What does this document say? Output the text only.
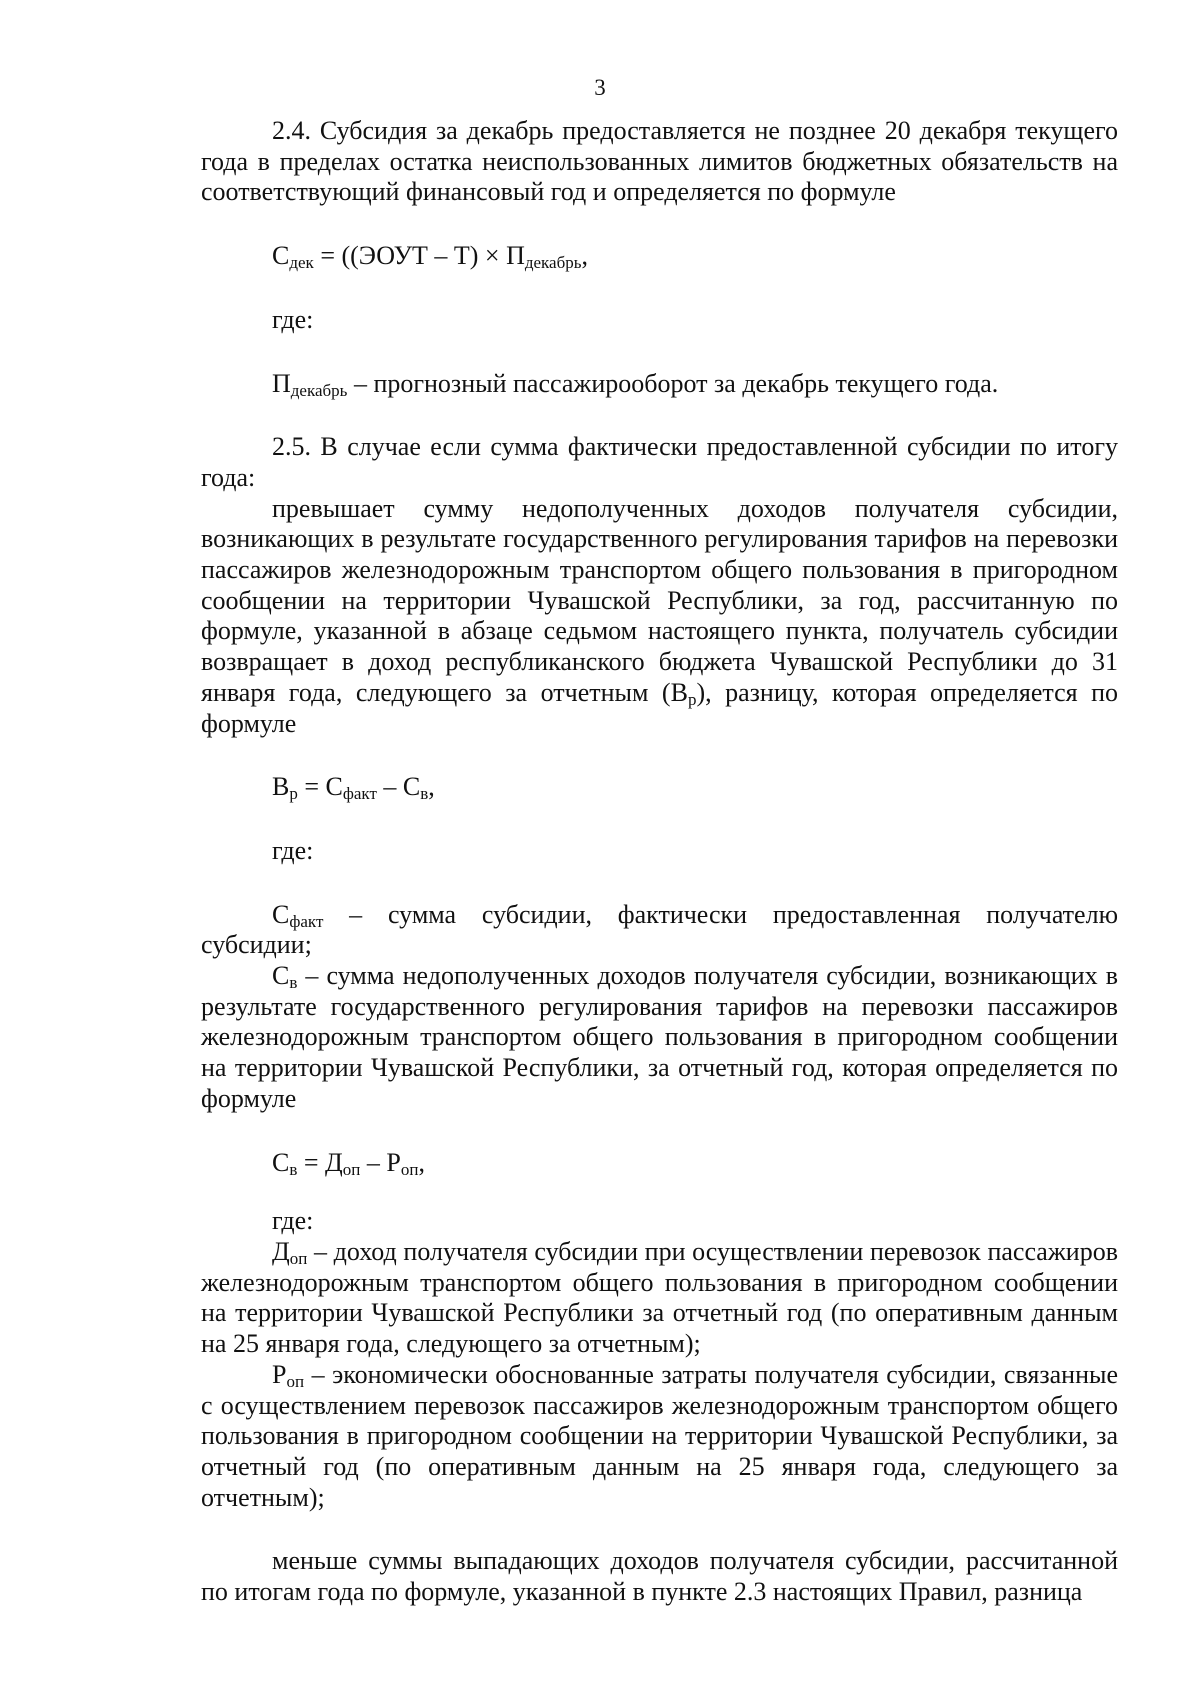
3

2.4. Субсидия за декабрь предоставляется не позднее 20 декабря текущего года в пределах остатка неиспользованных лимитов бюджетных обязательств на соответствующий финансовый год и определяется по формуле

$С_{дек}$ = ((ЭОУТ – $Т) \times П_{декабрь}$,

где:

$П_{декабрь}$ – прогнозный пассажирооборот за декабрь текущего года.

2.5. В случае если сумма фактически предоставленной субсидии по итогу года:

превышает сумму недополученных доходов получателя субсидии, возникающих в результате государственного регулирования тарифов на перевозки пассажиров железнодорожным транспортом общего пользования в пригородном сообщении на территории Чувашской Республики, за год, рассчитанную по формуле, указанной в абзаце седьмом настоящего пункта, получатель субсидии возвращает в доход республиканского бюджета Чувашской Республики до 31 января года, следующего за отчетным $(В_р)$, разницу, которая определяется по формуле

$В_р = С_{факт} - С_в$,

где:

$С_{факт}$ – сумма субсидии, фактически предоставленная получателю субсидии;

$С_в$ – сумма недополученных доходов получателя субсидии, возникающих в результате государственного регулирования тарифов на перевозки пассажиров железнодорожным транспортом общего пользования в пригородном сообщении на территории Чувашской Республики, за отчетный год, которая определяется по формуле

$С_в = Д_{оп} - Р_{оп}$,

где:

$Д_{оп}$ – доход получателя субсидии при осуществлении перевозок пассажиров железнодорожным транспортом общего пользования в пригородном сообщении на территории Чувашской Республики за отчетный год (по оперативным данным на 25 января года, следующего за отчетным);

$Р_{оп}$ – экономически обоснованные затраты получателя субсидии, связанные с осуществлением перевозок пассажиров железнодорожным транспортом общего пользования в пригородном сообщении на территории Чувашской Республики, за отчетный год (по оперативным данным на 25 января года, следующего за отчетным);

меньше суммы выпадающих доходов получателя субсидии, рассчитанной по итогам года по формуле, указанной в пункте 2.3 настоящих Правил, разница
